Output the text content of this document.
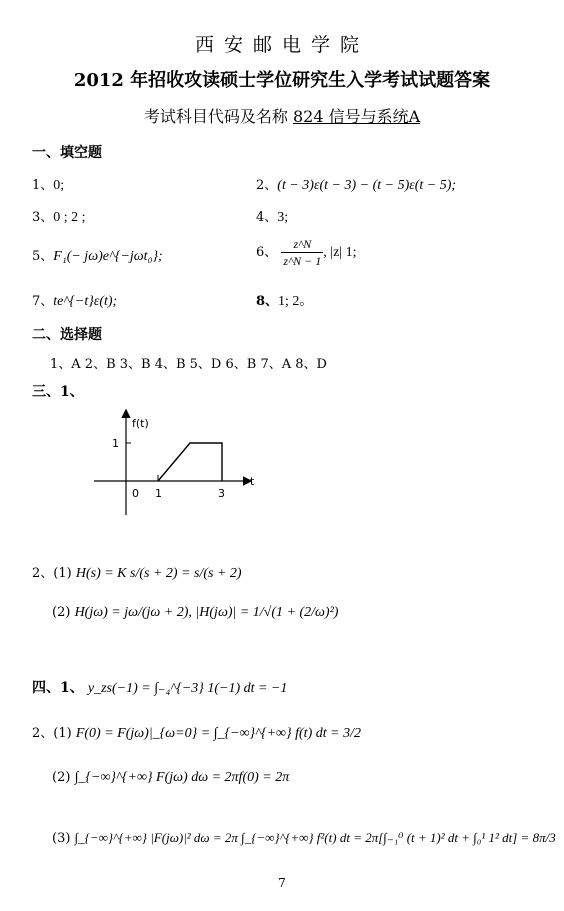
西安邮电学院
2012 年招收攻读硕士学位研究生入学考试试题答案
考试科目代码及名称 824 信号与系统A
一、填空题
1、0;	2、(t − 3)ε(t − 3) − (t − 5)ε(t − 5);
3、0 ; 2 ;	4、3;
5、F₁(− jω)e^{−jωt₀};	6、 $\frac{z\^{}N}{z\^{}N - 1}$ , |z| 1;
7、te^{−t}ε(t);	8、1; 2。
二、选择题
1、A 2、B 3、B 4、B 5、D 6、B 7、A 8、D
三、1、
f(t)
t
1
0 1	3
2、(1) H(s) = K s/(s + 2) = s/(s + 2)
(2) H(jω) = jω/(jω + 2), |H(jω)| = 1/√(1 + (2/ω)²)
四、1、 y_zs(−1) = ∫₋₄^{−3} 1(−1) dt = −1
2、(1) F(0) = F(jω)|_{ω=0} = ∫_{−∞}^{+∞} f(t) dt = 3/2
(2) ∫_{−∞}^{+∞} F(jω) dω = 2πf(0) = 2π
(3) ∫_{−∞}^{+∞} |F(jω)|² dω = 2π ∫_{−∞}^{+∞} f²(t) dt = 2π[∫₋₁⁰ (t + 1)² dt + ∫₀¹ 1² dt] = 8π/3
7
